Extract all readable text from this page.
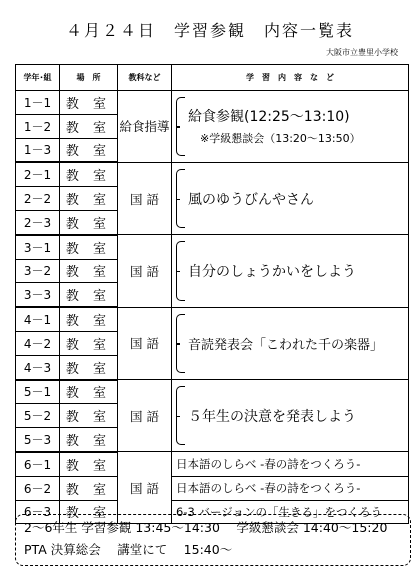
４月２４日　学習参観　内容一覧表
大阪市立豊里小学校
学年･組	場　所	教科など	学　習　内　容　な　ど
1－1	教 室	給食指導	給食参観(12:25～13:10)
※学級懇談会（13:20～13:50）

1－2	教 室		
1－3	教 室		
2－1	教 室	国 語	風のゆうびんやさん

2－2	教 室		
2－3	教 室		
3－1	教 室	国 語	自分のしょうかいをしよう

3－2	教 室		
3－3	教 室		
4－1	教 室	国 語	音読発表会「こわれた千の楽器」

4－2	教 室		
4－3	教 室		
5－1	教 室	国 語	５年生の決意を発表しよう

5－2	教 室		
5－3	教 室		
6－1	教 室	国 語	日本語のしらべ -春の詩をつくろう-

6－2	教 室		日本語のしらべ -春の詩をつくろう-

6－3	教 室		6-3 バージョンの「生きる」をつくろう
2～6年生 学習参観 13:45～14:30　 学級懇談会 14:40～15:20
PTA 決算総会　 講堂にて　 15:40～
